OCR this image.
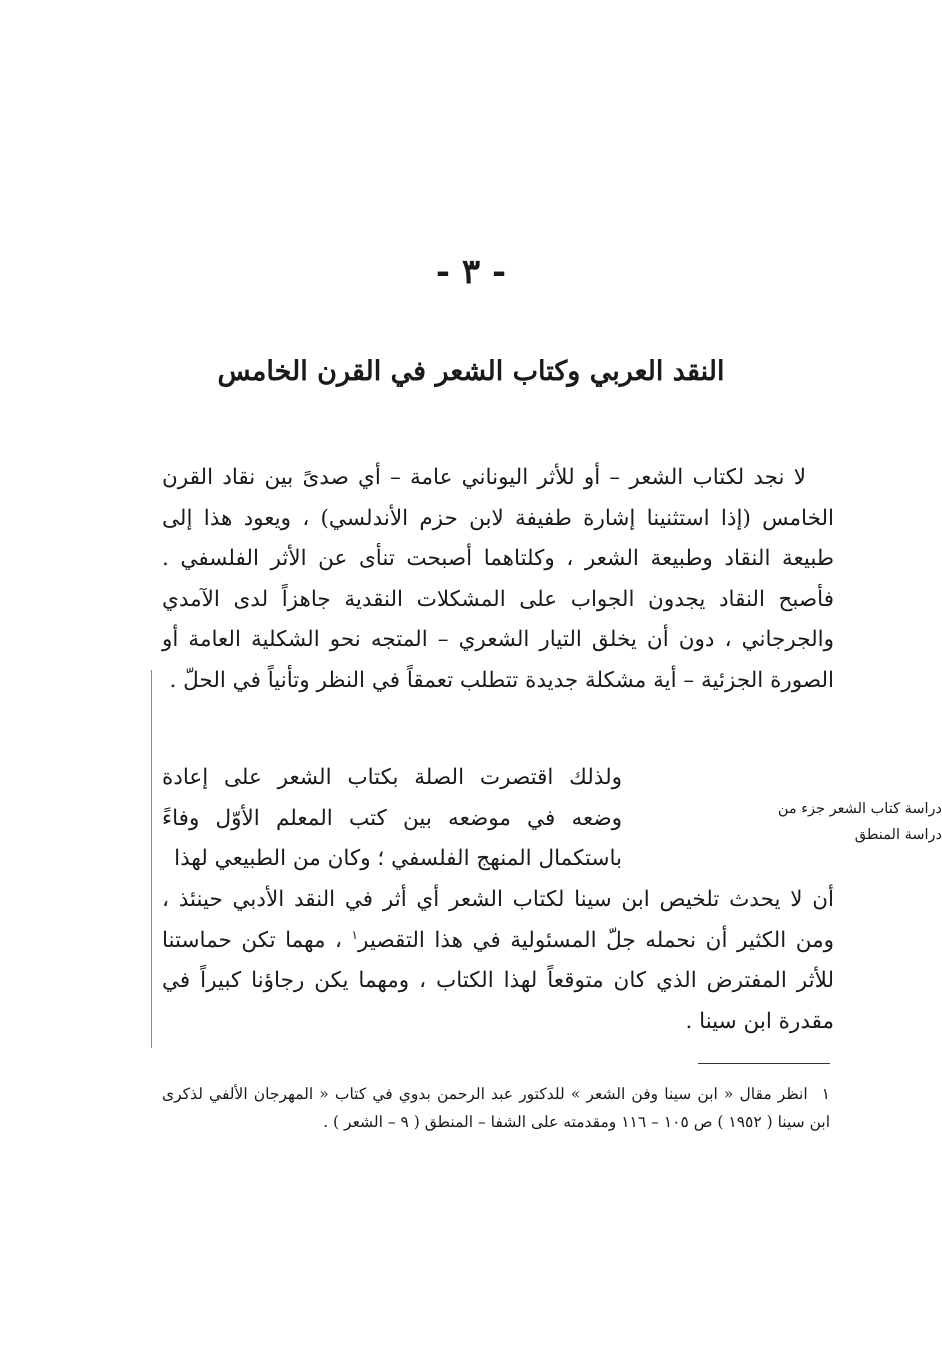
- ٣ -
النقد العربي وكتاب الشعر في القرن الخامس
لا نجد لكتاب الشعر – أو للأثر اليوناني عامة – أي صدىً بين نقاد القرن الخامس (إذا استثنينا إشارة طفيفة لابن حزم الأندلسي) ، ويعود هذا إلى طبيعة النقاد وطبيعة الشعر ، وكلتاهما أصبحت تنأى عن الأثر الفلسفي . فأصبح النقاد يجدون الجواب على المشكلات النقدية جاهزاً لدى الآمدي والجرجاني ، دون أن يخلق التيار الشعري – المتجه نحو الشكلية العامة أو الصورة الجزئية – أية مشكلة جديدة تتطلب تعمقاً في النظر وتأنياً في الحلّ .
دراسة كتاب الشعر جزء من دراسة المنطق
ولذلك اقتصرت الصلة بكتاب الشعر على إعادة وضعه في موضعه بين كتب المعلم الأوّل وفاءً باستكمال المنهج الفلسفي ؛ وكان من الطبيعي لهذا
أن لا يحدث تلخيص ابن سينا لكتاب الشعر أي أثر في النقد الأدبي حينئذ ، ومن الكثير أن نحمله جلّ المسئولية في هذا التقصير$^١$ ، مهما تكن حماستنا للأثر المفترض الذي كان متوقعاً لهذا الكتاب ، ومهما يكن رجاؤنا كبيراً في مقدرة ابن سينا .
١انظر مقال « ابن سينا وفن الشعر » للدكتور عبد الرحمن بدوي في كتاب « المهرجان الألفي لذكرى ابن سينا ( ١٩٥٢ ) ص ١٠٥ – ١١٦ ومقدمته على الشفا – المنطق ( ٩ – الشعر ) .
